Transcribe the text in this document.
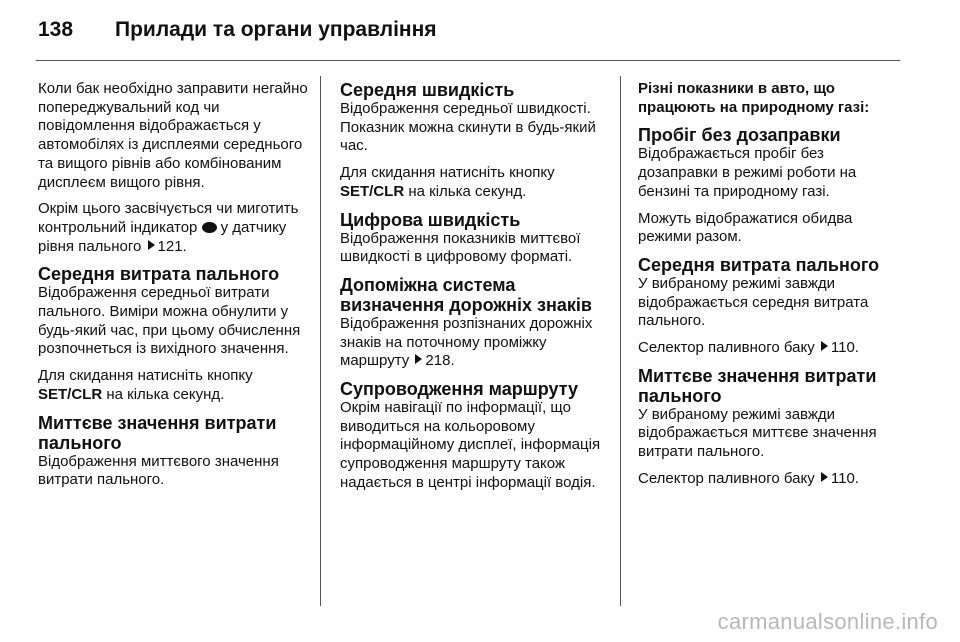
138	Прилади та органи управління

Коли бак необхідно заправити негайно попереджувальний код чи повідомлення відображається у автомобілях із дисплеями середнього та вищого рівнів або комбінованим дисплеєм вищого рівня.

Окрім цього засвічується чи миготить контрольний індикатор у датчику рівня пального 121.

Середня витрата пального

Відображення середньої витрати пального. Виміри можна обнулити у будь-який час, при цьому обчислення розпочнеться із вихідного значення.

Для скидання натисніть кнопку SET/CLR на кілька секунд.

Миттєве значення витрати пального

Відображення миттєвого значення витрати пального.

Середня швидкість

Відображення середньої швидкості. Показник можна скинути в будь-який час.

Для скидання натисніть кнопку SET/CLR на кілька секунд.

Цифрова швидкість

Відображення показників миттєвої швидкості в цифровому форматі.

Допоміжна система визначення дорожніх знаків

Відображення розпізнаних дорожніх знаків на поточному проміжку маршруту 218.

Супроводження маршруту

Окрім навігації по інформації, що виводиться на кольоровому інформаційному дисплеї, інформація супроводження маршруту також надається в центрі інформації водія.

Різні показники в авто, що працюють на природному газі:
Пробіг без дозаправки

Відображається пробіг без дозаправки в режимі роботи на бензині та природному газі.

Можуть відображатися обидва режими разом.

Середня витрата пального

У вибраному режимі завжди відображається середня витрата пального.

Селектор паливного баку 110.

Миттєве значення витрати пального

У вибраному режимі завжди відображається миттєве значення витрати пального.

Селектор паливного баку 110.

carmanualsonline.info
